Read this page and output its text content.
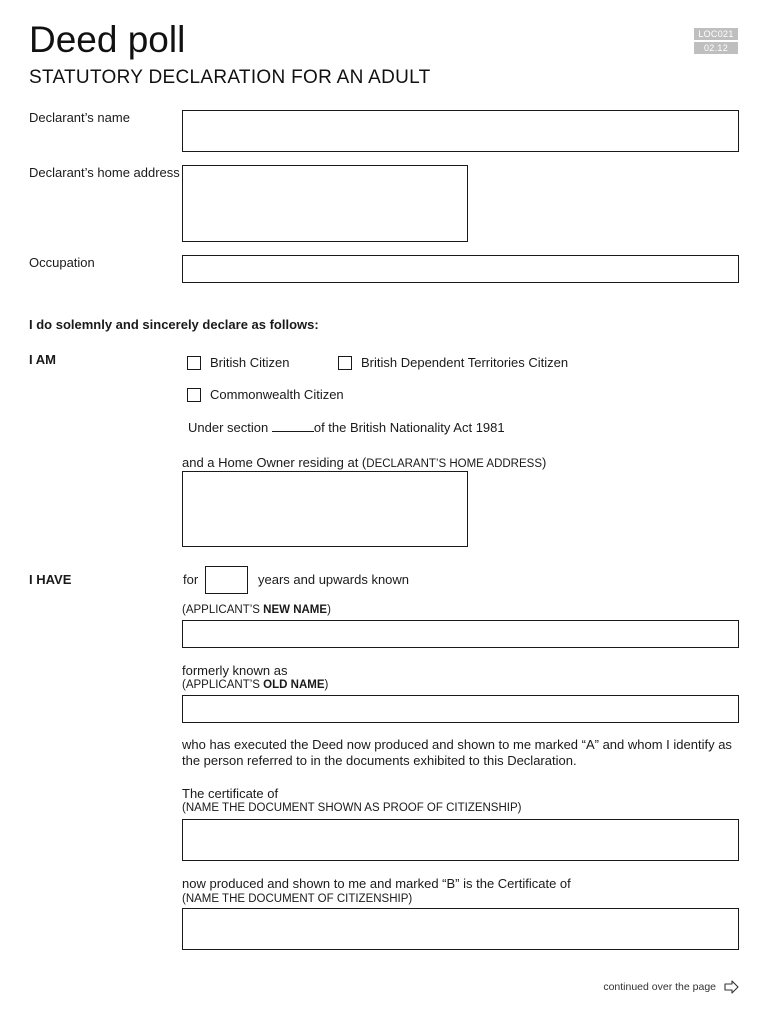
Deed poll
STATUTORY DECLARATION FOR AN ADULT
LOC021
02.12
Declarant’s name
Declarant’s home address
Occupation
I do solemnly and sincerely declare as follows:
I AM	British Citizen	British Dependent Territories Citizen
Commonwealth Citizen
Under section	of the British Nationality Act 1981
and a Home Owner residing at (DECLARANT’S HOME ADDRESS)
I HAVE	for	years and upwards known
(APPLICANT’S NEW NAME)
formerly known as
(APPLICANT’S OLD NAME)
who has executed the Deed now produced and shown to me marked “A” and whom I identify as the person referred to in the documents exhibited to this Declaration.
The certificate of
(NAME THE DOCUMENT SHOWN AS PROOF OF CITIZENSHIP)
now produced and shown to me and marked “B” is the Certificate of
(NAME THE DOCUMENT OF CITIZENSHIP)
continued over the page
